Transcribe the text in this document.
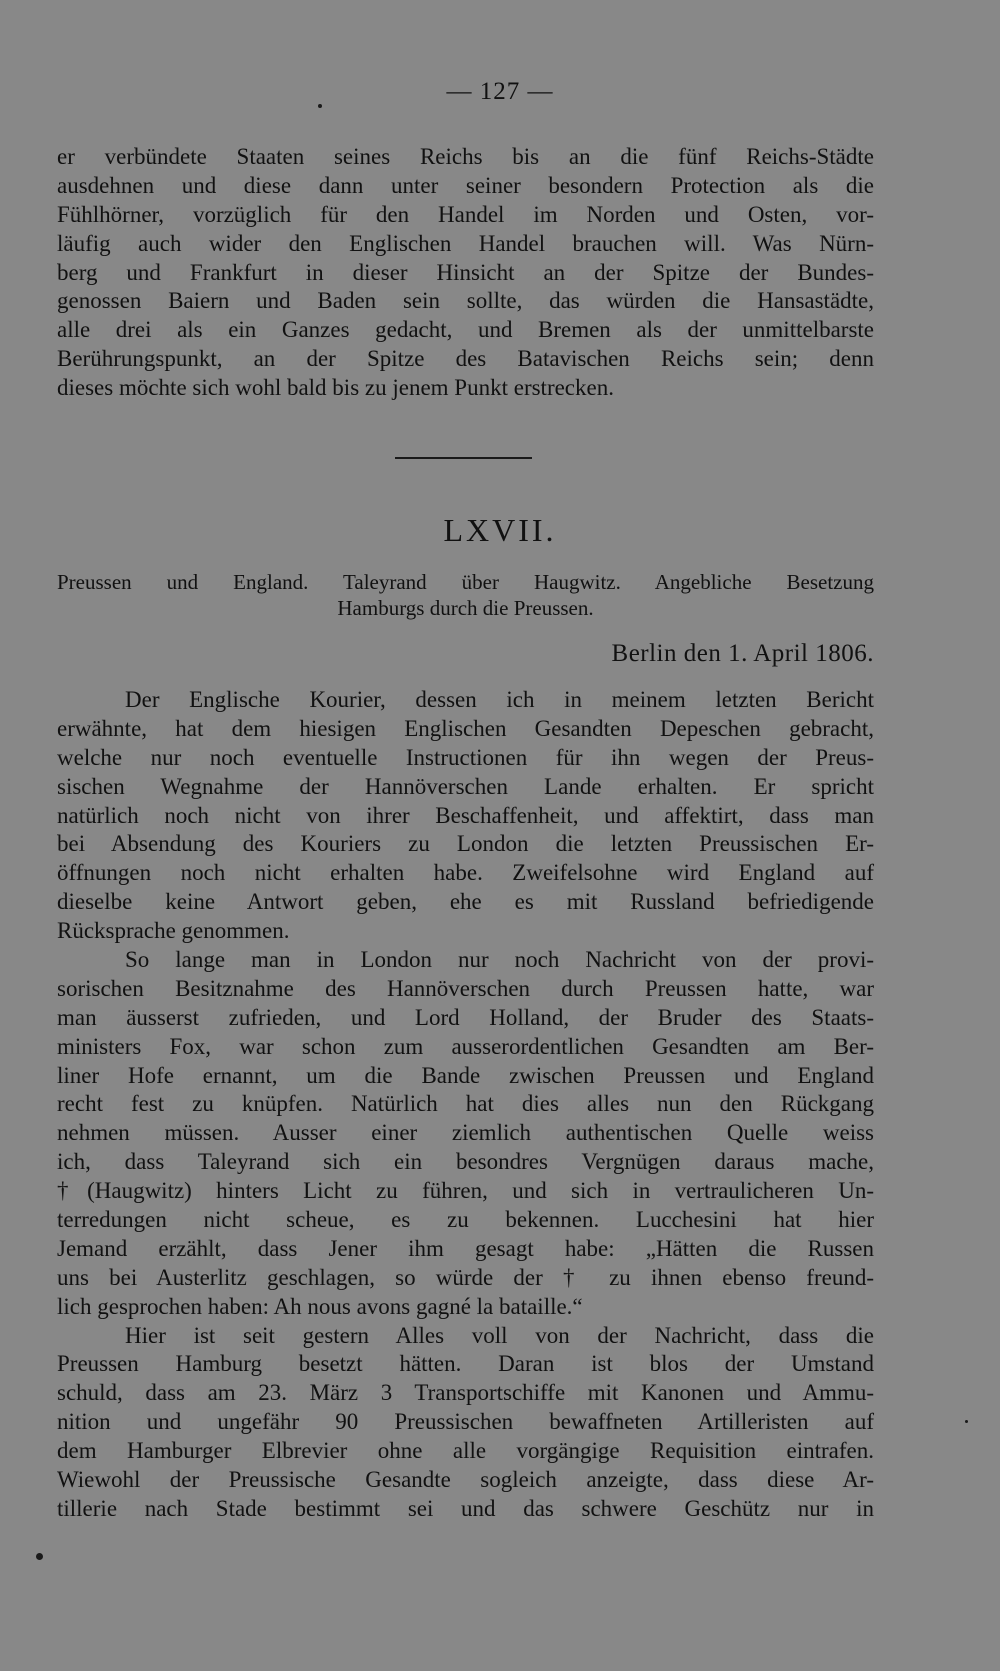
— 127 —
er verbündete Staaten seines Reichs bis an die fünf Reichs-Städte
ausdehnen und diese dann unter seiner besondern Protection als die
Fühlhörner, vorzüglich für den Handel im Norden und Osten, vor-
läufig auch wider den Englischen Handel brauchen will. Was Nürn-
berg und Frankfurt in dieser Hinsicht an der Spitze der Bundes-
genossen Baiern und Baden sein sollte, das würden die Hansastädte,
alle drei als ein Ganzes gedacht, und Bremen als der unmittelbarste
Berührungspunkt, an der Spitze des Batavischen Reichs sein; denn
dieses möchte sich wohl bald bis zu jenem Punkt erstrecken.
LXVII.
Preussen und England. Taleyrand über Haugwitz. Angebliche Besetzung
Hamburgs durch die Preussen.
Berlin den 1. April 1806.
Der Englische Kourier, dessen ich in meinem letzten Bericht
erwähnte, hat dem hiesigen Englischen Gesandten Depeschen gebracht,
welche nur noch eventuelle Instructionen für ihn wegen der Preus-
sischen Wegnahme der Hannöverschen Lande erhalten. Er spricht
natürlich noch nicht von ihrer Beschaffenheit, und affektirt, dass man
bei Absendung des Kouriers zu London die letzten Preussischen Er-
öffnungen noch nicht erhalten habe. Zweifelsohne wird England auf
dieselbe keine Antwort geben, ehe es mit Russland befriedigende
Rücksprache genommen.
So lange man in London nur noch Nachricht von der provi-
sorischen Besitznahme des Hannöverschen durch Preussen hatte, war
man äusserst zufrieden, und Lord Holland, der Bruder des Staats-
ministers Fox, war schon zum ausserordentlichen Gesandten am Ber-
liner Hofe ernannt, um die Bande zwischen Preussen und England
recht fest zu knüpfen. Natürlich hat dies alles nun den Rückgang
nehmen müssen. Ausser einer ziemlich authentischen Quelle weiss
ich, dass Taleyrand sich ein besondres Vergnügen daraus mache,
†(Haugwitz) hinters Licht zu führen, und sich in vertraulicheren Un-
terredungen nicht scheue, es zu bekennen. Lucchesini hat hier
Jemand erzählt, dass Jener ihm gesagt habe: „Hätten die Russen
uns bei Austerlitz geschlagen, so würde der † zu ihnen ebenso freund-
lich gesprochen haben: Ah nous avons gagné la bataille.“
Hier ist seit gestern Alles voll von der Nachricht, dass die
Preussen Hamburg besetzt hätten. Daran ist blos der Umstand
schuld, dass am 23. März 3 Transportschiffe mit Kanonen und Ammu-
nition und ungefähr 90 Preussischen bewaffneten Artilleristen auf
dem Hamburger Elbrevier ohne alle vorgängige Requisition eintrafen.
Wiewohl der Preussische Gesandte sogleich anzeigte, dass diese Ar-
tillerie nach Stade bestimmt sei und das schwere Geschütz nur in
